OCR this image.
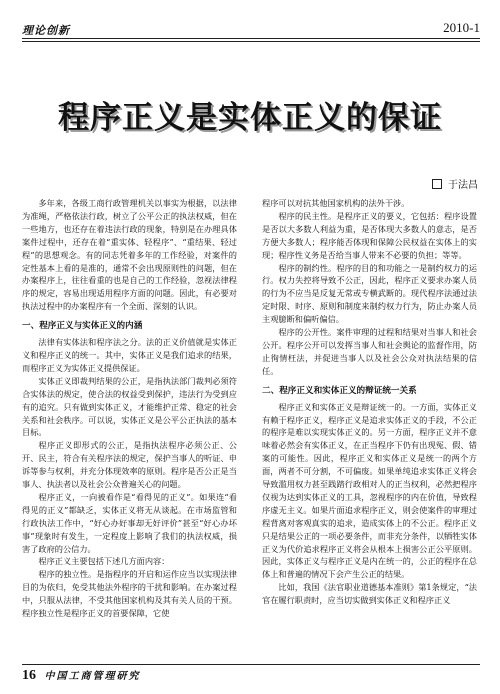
理论创新	2010-1
程序正义是实体正义的保证
于法昌

多年来，各级工商行政管理机关以事实为根据，以法律为准绳，严格依法行政，树立了公平公正的执法权威，但在一些地方，也还存在着违法行政的现象，特别是在办理具体案件过程中，还存在着“重实体、轻程序”、“重结果、轻过程”的思想观念。有的同志凭着多年的工作经验，对案件的定性基本上看的是准的，通常不会出现原则性的问题，但在办案程序上，往往看重的也是自己的工作经验，忽视法律程序的规定，容易出现适用程序方面的问题。因此，有必要对执法过程中的办案程序有一个全面、深刻的认识。

一、程序正义与实体正义的内涵

法律有实体法和程序法之分。法的正义价值就是实体正义和程序正义的统一。其中，实体正义是我们追求的结果，而程序正义为实体正义提供保证。

实体正义即裁判结果的公正，是指执法部门裁判必须符合实体法的规定，使合法的权益受到保护，违法行为受到应有的追究。只有做到实体正义，才能维护正常、稳定的社会关系和社会秩序。可以说，实体正义是公平公正执法的基本目标。

程序正义即形式的公正，是指执法程序必须公正、公开、民主，符合有关程序法的规定，保护当事人的听证、申诉等参与权利，并充分体现效率的原则。程序是否公正是当事人、执法者以及社会公众普遍关心的问题。

程序正义，一向被看作是“看得见的正义”。如果连“看得见的正义”都缺乏，实体正义将无从谈起。在市场监管和行政执法工作中，“好心办好事却无好评价”甚至“好心办坏事”现象时有发生，一定程度上影响了我们的执法权威，损害了政府的公信力。

程序正义主要包括下述几方面内容：

程序的独立性。是指程序的开启和运作应当以实现法律目的为依归，免受其他法外程序的干扰和影响。在办案过程中，只服从法律，不受其他国家机构及其有关人员的干预。程序独立性是程序正义的首要保障，它使

程序可以对抗其他国家机构的法外干涉。

程序的民主性。是程序正义的要义，它包括：程序设置是否以大多数人利益为重，是否体现大多数人的意志，是否方便大多数人；程序能否体现和保障公民权益在实体上的实现；程序性义务是否给当事人带来不必要的负担；等等。

程序的制约性。程序的目的和功能之一是制约权力的运行。权力失控将导致不公正，因此，程序正义要求办案人员的行为不应当是反复无常或专横武断的。现代程序法通过法定时限、时序、原则和制度来制约权力行为，防止办案人员主观臆断和偏听偏信。

程序的公开性。案件审理的过程和结果对当事人和社会公开。程序公开可以发挥当事人和社会舆论的监督作用，防止徇情枉法，并促进当事人以及社会公众对执法结果的信任。

二、程序正义和实体正义的辩证统一关系

程序正义和实体正义是辩证统一的。一方面，实体正义有赖于程序正义，程序正义是追求实体正义的手段，不公正的程序是难以实现实体正义的。另一方面，程序正义并不意味着必然会有实体正义，在正当程序下仍有出现冤、假、错案的可能性。因此，程序正义和实体正义是统一的两个方面，两者不可分割，不可偏废。如果单纯追求实体正义将会导致滥用权力甚至践踏行政相对人的正当权利，必然把程序仅视为达到实体正义的工具，忽视程序的内在价值，导致程序虚无主义。如果片面追求程序正义，则会使案件的审理过程背离对客观真实的追求，造成实体上的不公正。程序正义只是结果公正的一项必要条件，而非充分条件，以牺牲实体正义为代价追求程序正义将会从根本上损害公正公平原则。因此，实体正义与程序正义是内在统一的，公正的程序在总体上和普遍的情况下会产生公正的结果。

比如，我国《法官职业道德基本准则》第1条规定，“法官在履行职责时，应当切实做到实体正义和程序正义

16 中国工商管理研究
